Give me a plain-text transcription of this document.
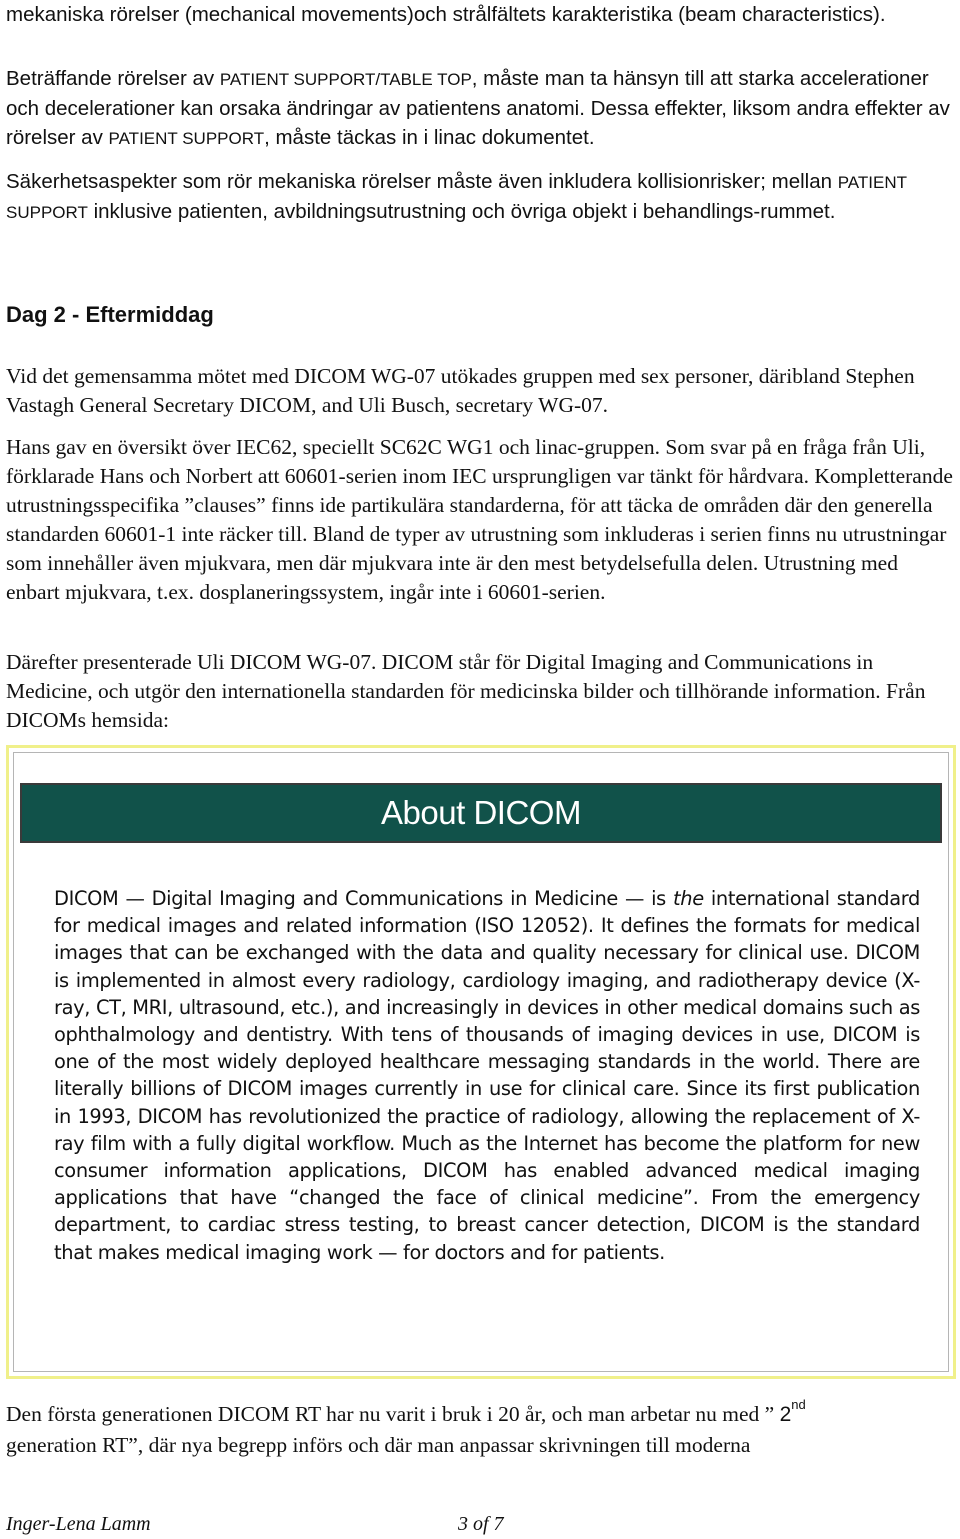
mekaniska rörelser (mechanical movements)och strålfältets karakteristika (beam characteristics).

Beträffande rörelser av PATIENT SUPPORT/TABLE TOP, måste man ta hänsyn till att starka accelerationer och decelerationer kan orsaka ändringar av patientens anatomi. Dessa effekter, liksom andra effekter av rörelser av PATIENT SUPPORT, måste täckas in i linac dokumentet.

Säkerhetsaspekter som rör mekaniska rörelser måste även inkludera kollisionrisker; mellan PATIENT SUPPORT inklusive patienten, avbildningsutrustning och övriga objekt i behandlings-rummet.

Dag 2 - Eftermiddag

Vid det gemensamma mötet med DICOM WG-07 utökades gruppen med sex personer, däribland Stephen Vastagh General Secretary DICOM, and Uli Busch, secretary WG-07.

Hans gav en översikt över IEC62, speciellt SC62C WG1 och linac-gruppen. Som svar på en fråga från Uli, förklarade Hans och Norbert att 60601-serien inom IEC ursprungligen var tänkt för hårdvara. Kompletterande utrustningsspecifika ”clauses” finns ide partikulära standarderna, för att täcka de områden där den generella standarden 60601-1 inte räcker till. Bland de typer av utrustning som inkluderas i serien finns nu utrustningar som innehåller även mjukvara, men där mjukvara inte är den mest betydelsefulla delen. Utrustning med enbart mjukvara, t.ex. dosplaneringssystem, ingår inte i 60601-serien.

Därefter presenterade Uli DICOM WG-07. DICOM står för Digital Imaging and Communications in Medicine, och utgör den internationella standarden för medicinska bilder och tillhörande information. Från DICOMs hemsida:

About DICOM
DICOM — Digital Imaging and Communications in Medicine — is the international standard for medical images and related information (ISO 12052). It defines the formats for medical images that can be exchanged with the data and quality necessary for clinical use. DICOM is implemented in almost every radiology, cardiology imaging, and radiotherapy device (X-ray, CT, MRI, ultrasound, etc.), and increasingly in devices in other medical domains such as ophthalmology and dentistry. With tens of thousands of imaging devices in use, DICOM is one of the most widely deployed healthcare messaging standards in the world. There are literally billions of DICOM images currently in use for clinical care. Since its first publication in 1993, DICOM has revolutionized the practice of radiology, allowing the replacement of X-ray film with a fully digital workflow. Much as the Internet has become the platform for new consumer information applications, DICOM has enabled advanced medical imaging applications that have “changed the face of clinical medicine”. From the emergency department, to cardiac stress testing, to breast cancer detection, DICOM is the standard that makes medical imaging work — for doctors and for patients.

Den första generationen DICOM RT har nu varit i bruk i 20 år, och man arbetar nu med ” 2nd
generation RT”, där nya begrepp införs och där man anpassar skrivningen till moderna

Inger-Lena Lamm	3 of 7
